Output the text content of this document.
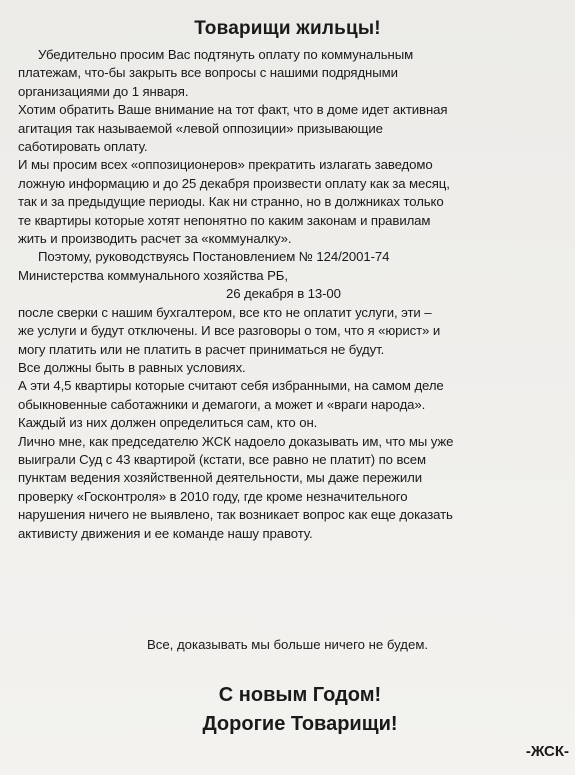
Товарищи жильцы!
Убедительно просим Вас подтянуть оплату по коммунальным
платежам, что-бы закрыть все вопросы с нашими подрядными
организациями до 1 января.
Хотим обратить Ваше внимание на тот факт, что в доме идет активная
агитация так называемой «левой оппозиции» призывающие
саботировать оплату.
И мы просим всех «оппозиционеров» прекратить излагать заведомо
ложную информацию и до 25 декабря произвести оплату как за месяц,
так и за предыдущие периоды. Как ни странно, но в должниках только
те квартиры которые хотят непонятно по каким законам и правилам
жить и производить расчет за «коммуналку».
Поэтому, руководствуясь Постановлением № 124/2001-74
Министерства коммунального хозяйства РБ,
26 декабря в 13-00
после сверки с нашим бухгалтером, все кто не оплатит услуги, эти –
же услуги и будут отключены. И все разговоры о том, что я «юрист» и
могу платить или не платить в расчет приниматься не будут.
Все должны быть в равных условиях.
А эти 4,5 квартиры которые считают себя избранными, на самом деле
обыкновенные саботажники и демагоги, а может и «враги народа».
Каждый из них должен определиться сам, кто он.
Лично мне, как председателю ЖСК надоело доказывать им, что мы уже
выиграли Суд с 43 квартирой (кстати, все равно не платит) по всем
пунктам ведения хозяйственной деятельности, мы даже пережили
проверку «Госконтроля» в 2010 году, где кроме незначительного
нарушения ничего не выявлено, так возникает вопрос как еще доказать
активисту движения и ее команде нашу правоту.
Все, доказывать мы больше ничего не будем.
С новым Годом!
Дорогие Товарищи!
-ЖСК-
